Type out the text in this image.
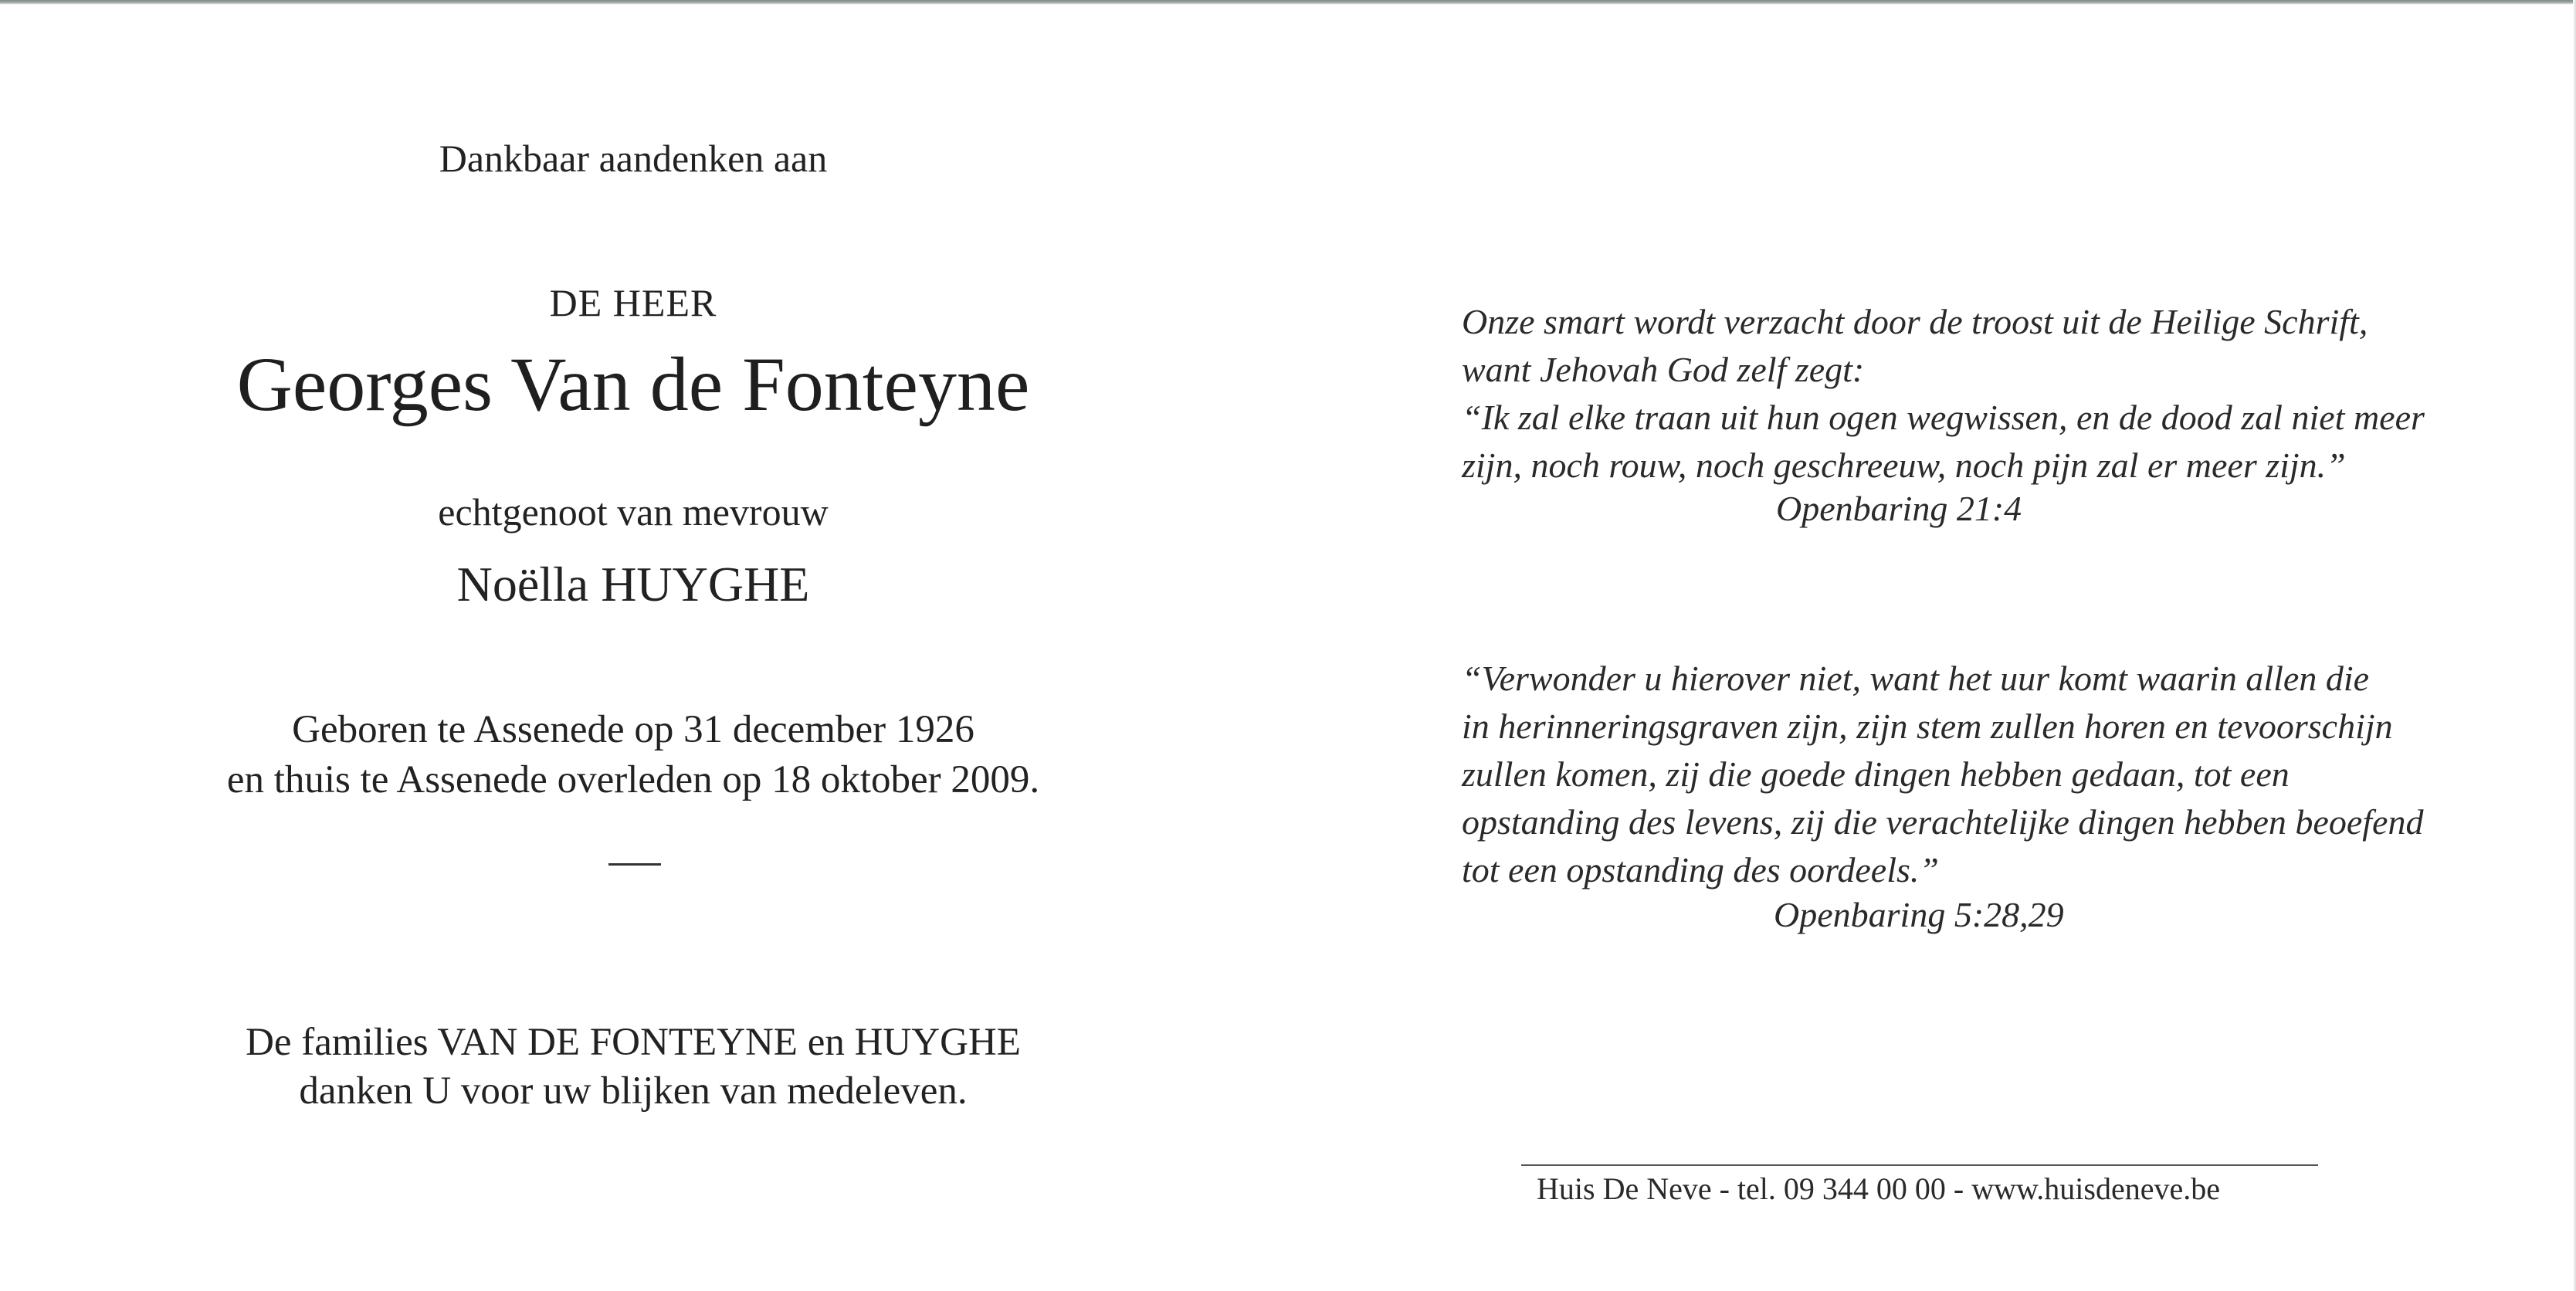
Dankbaar aandenken aan
DE HEER
Georges Van de Fonteyne
echtgenoot van mevrouw
Noëlla HUYGHE
Geboren te Assenede op 31 december 1926
en thuis te Assenede overleden op 18 oktober 2009.
De families VAN DE FONTEYNE en HUYGHE
danken U voor uw blijken van medeleven.
Onze smart wordt verzacht door de troost uit de Heilige Schrift,
want Jehovah God zelf zegt:
“Ik zal elke traan uit hun ogen wegwissen, en de dood zal niet meer
zijn, noch rouw, noch geschreeuw, noch pijn zal er meer zijn.”
Openbaring 21:4
“Verwonder u hierover niet, want het uur komt waarin allen die
in herinneringsgraven zijn, zijn stem zullen horen en tevoorschijn
zullen komen, zij die goede dingen hebben gedaan, tot een
opstanding des levens, zij die verachtelijke dingen hebben beoefend
tot een opstanding des oordeels.”
Openbaring 5:28,29
Huis De Neve - tel. 09 344 00 00 - www.huisdeneve.be
